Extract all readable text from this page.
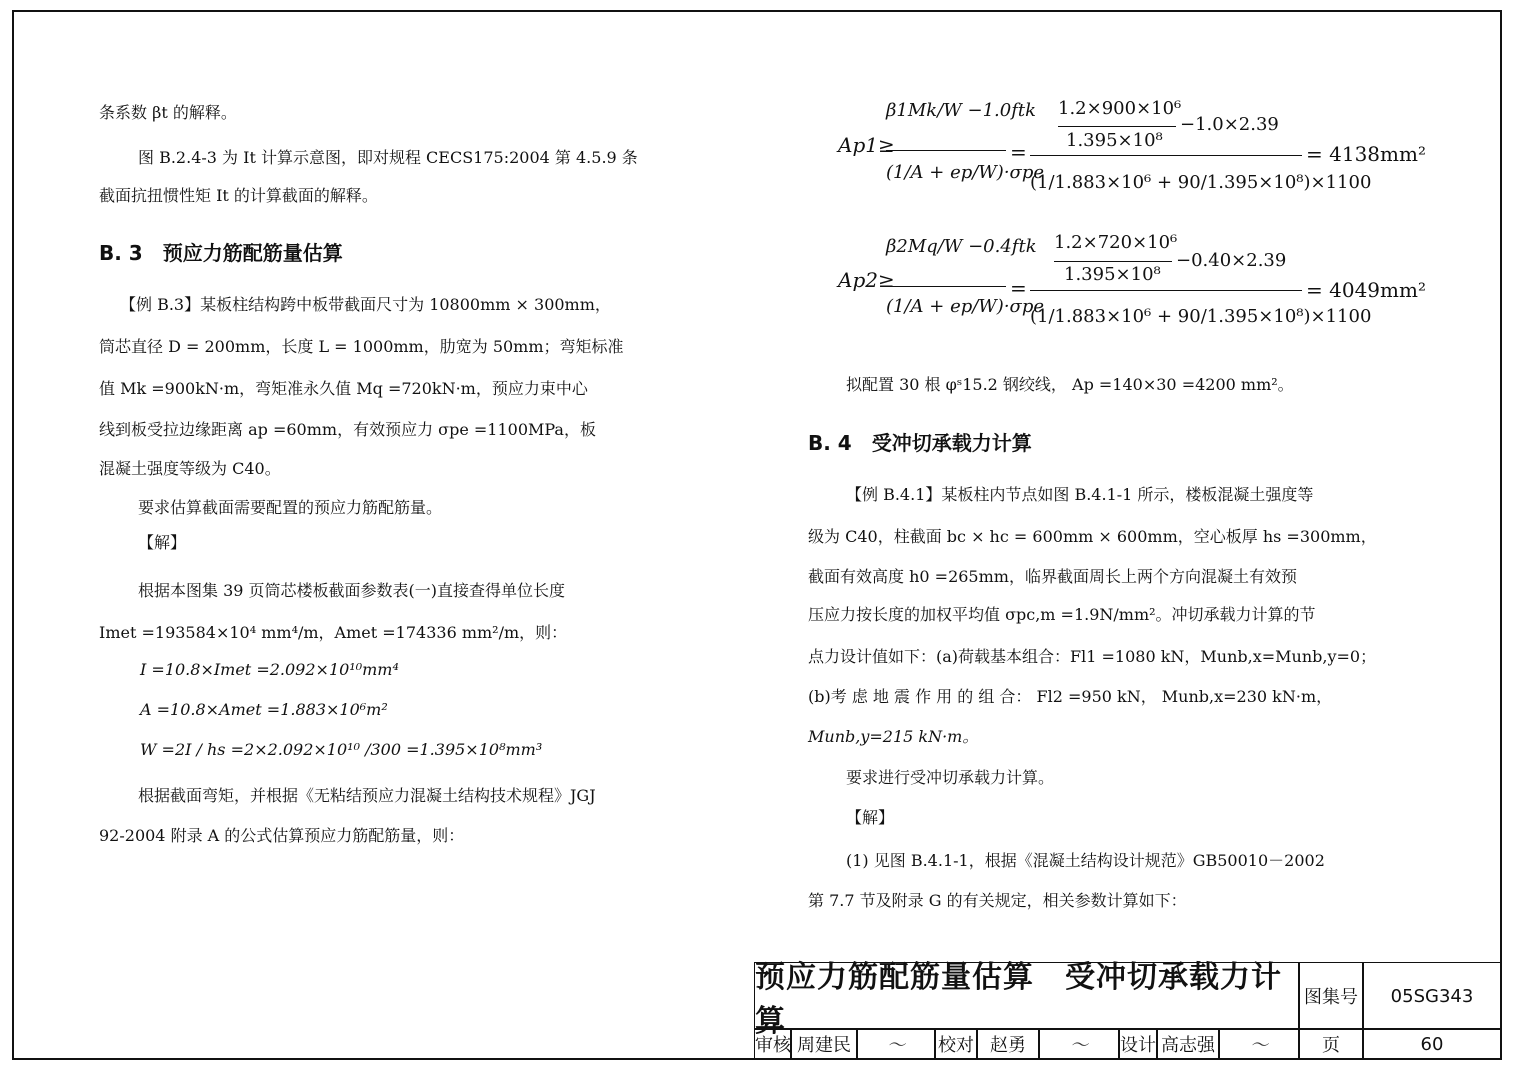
条系数 βt 的解释。
图 B.2.4-3 为 It 计算示意图，即对规程 CECS175:2004 第 4.5.9 条
截面抗扭惯性矩 It 的计算截面的解释。
B. 3　预应力筋配筋量估算
【例 B.3】某板柱结构跨中板带截面尺寸为 10800mm × 300mm，
筒芯直径 D = 200mm，长度 L = 1000mm，肋宽为 50mm；弯矩标准
值 Mk =900kN·m，弯矩准永久值 Mq =720kN·m，预应力束中心
线到板受拉边缘距离 ap =60mm，有效预应力 σpe =1100MPa，板
混凝土强度等级为 C40。
要求估算截面需要配置的预应力筋配筋量。
【解】
根据本图集 39 页筒芯楼板截面参数表(一)直接查得单位长度
Imet =193584×10⁴ mm⁴/m，Amet =174336 mm²/m，则：
I =10.8×Imet =2.092×10¹⁰mm⁴
A =10.8×Amet =1.883×10⁶m²
W =2I / hs =2×2.092×10¹⁰ /300 =1.395×10⁸mm³
根据截面弯矩，并根据《无粘结预应力混凝土结构技术规程》JGJ
92-2004 附录 A 的公式估算预应力筋配筋量，则：
Ap1≥
β1Mk/W −1.0ftk
(1/A + ep/W)·σpe
=
1.2×900×10⁶
1.395×10⁸
−1.0×2.39
(1/1.883×10⁶ + 90/1.395×10⁸)×1100
= 4138mm²
Ap2≥
β2Mq/W −0.4ftk
(1/A + ep/W)·σpe
=
1.2×720×10⁶
1.395×10⁸
−0.40×2.39
(1/1.883×10⁶ + 90/1.395×10⁸)×1100
= 4049mm²
拟配置 30 根 φˢ15.2 钢绞线， Ap =140×30 =4200 mm²。
B. 4　受冲切承载力计算
【例 B.4.1】某板柱内节点如图 B.4.1-1 所示，楼板混凝土强度等
级为 C40，柱截面 bc × hc = 600mm × 600mm，空心板厚 hs =300mm，
截面有效高度 h0 =265mm，临界截面周长上两个方向混凝土有效预
压应力按长度的加权平均值 σpc,m =1.9N/mm²。冲切承载力计算的节
点力设计值如下：(a)荷载基本组合：Fl1 =1080 kN，Munb,x=Munb,y=0；
(b)考 虑 地 震 作 用 的 组 合： Fl2 =950 kN， Munb,x=230 kN·m，
Munb,y=215 kN·m。
要求进行受冲切承载力计算。
【解】
(1) 见图 B.4.1-1，根据《混凝土结构设计规范》GB50010－2002
第 7.7 节及附录 G 的有关规定，相关参数计算如下：
预应力筋配筋量估算　受冲切承载力计算
图集号	05SG343
审核 周建民	〜	校对 赵勇	〜	设计 高志强	〜	页	60
